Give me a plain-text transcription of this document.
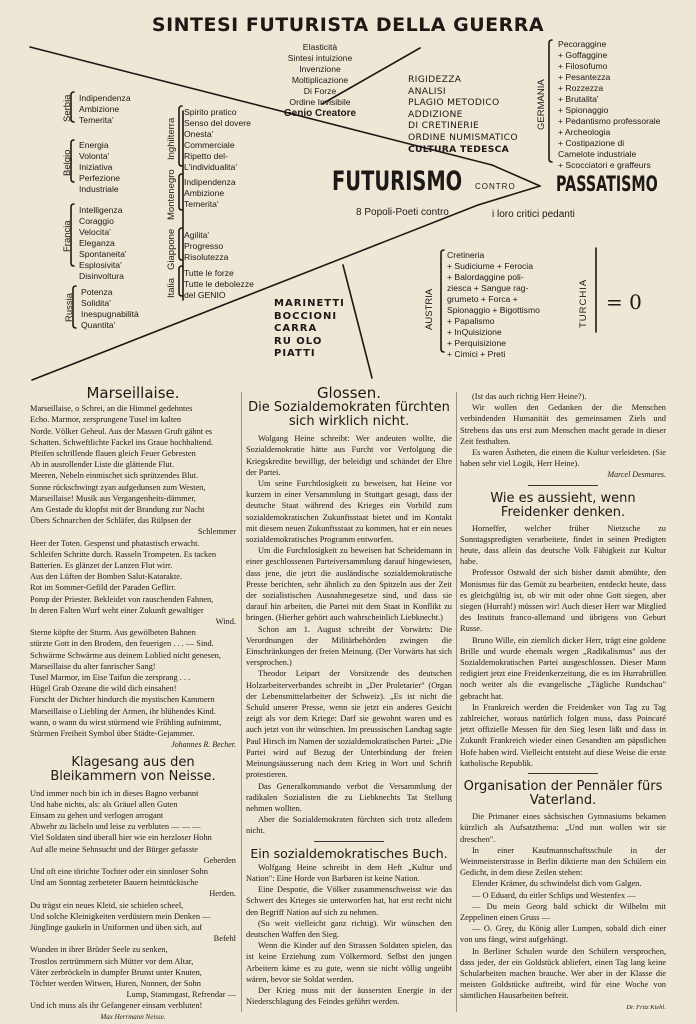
SINTESI FUTURISTA DELLA GUERRA
Elasticità
Sintesi intuizione
Invenzione
Moltiplicazione
Di Forze
Ordine Invisibile
Genio Creatore
RIGIDEZZA
ANALISI
PLAGIO METODICO
ADDIZIONE
DI CRETINERIE
ORDINE NUMISMATICO
CULTURA TEDESCA
GERMANIA
Pecoraggine
+ Goffaggine
+ Filosofumo
+ Pesantezza
+ Rozzezza
+ Brutalita'
+ Spionaggio
+ Pedantismo professorale
+ Archeologia
+ Costipazione di
Camelote industriale
+ Scocciatori e graffeurs
Serbia Indipendenza
Ambizione
Temerita'
Belgio
Energia
Volonta'
Iniziativa
Perfezione
Industriale
Francia
Intelligenza
Coraggio
Velocita'
Eleganza
Spontaneita'
Esplosivita'
Disinvoltura
Russia
Potenza
Solidita'
Inespugnabilità
Quantita'
Inghilterra
Spirito pratico
Senso del dovere
Onesta'
Commerciale
Ripetto del-
L'individualita'
Montenegro Indipendenza
Ambizione
Temerita'
Giappone Agilita'
Progresso
Risolutezza
Italia
Tutte le forze
Tutte le debolezze
del GENIO
FUTURISMO CONTRO PASSATISMO
8 Popoli-Poeti contro	i loro critici pedanti
MARINETTI
BOCCIONI
CARRA
RU OLO
PIATTI
AUSTRIA
Cretineria
+ Sudiciume + Ferocia
+ Balordaggine poli-
ziesca + Sangue rag-
grumeto + Forca +
Spionaggio + Bigottismo
+ Papalismo
+ InQuisizione
+ Perquisizione
+ Cimici + Preti
TURCHIA = 0
Marseillaise.
Marseillaise, o Schrei, an die Himmel gedehntes
Echo. Marmor, zersprungene Tusel im kalten
Norde. Völker Geheul. Aus der Massen Gruft gähnt es
Schatten. Schweftlichte Fackel ins Graue hochhaltend.
Pfeifen schrillende flauen gleich Feuer Gebresten
Ab in ausrollender Liste die glättende Flut.
Meeren, Nebeln einmischet sich sprützendes Blut.
Sonne rückschwingt zyan aufgedunsen zum Westen,
Marseillaise! Musik aus Vergangenheits-dämmer,
Ans Gestade du klopfst mit der Brandung zur Nacht
Übers Schnarchen der Schläfer, das Rülpsen der
Schlemmer
Heer der Toten. Gespenst und phatastisch erwacht.
Schleifen Schritte durch. Rasseln Trompeten. Es tacken
Batterien. Es glänzet der Lanzen Flut wirr.
Aus den Lüften der Bomben Salut-Katarakte.
Rot im Sommer-Gefild der Paraden Geflirr.
Pomp der Priester. Bekleidet von rauschenden Fahnen,
In deren Falten Wurf weht einer Zukunft gewaltiger
Wind.
Sterne köpfte der Sturm. Aus gewölbeten Bahnen
stürzte Gott in den Brodem, den feuerigen . . . — Sind.
Schwärme Schwärme aus deinem Loblied nicht genesen,
Marseillaise du alter fanrischer Sang!
Tusel Marmor, im Eise Taifun die zersprang . . .
Hügel Grab Ozeane die wild dich einsahen!
Forscht der Dichter hindurch die mystischen Kammern
Marseillaise o Liebling der Armen, ihr blühendes Kind.
wann, o wann du wirst stürmend wie Frühling aufnimmt,
Stürmen Freiheit Symbol über Städte-Gejammer.
Johannes R. Becher.
Klagesang aus den Bleikammern von Neisse.
Und immer noch bin ich in dieses Bagno verbannt
Und habe nichts, als: als Gräuel allen Guten
Einsam zu gehen und verlogen arrogant
Abwehr zu lächeln und leise zu verbluten — — —
Viel Soldaten sind überall hier wie ein herzloser Hohn
Auf alle meine Sehnsucht und der Bürger gefasste
Geberden
Und oft eine törichte Tochter oder ein sinnloser Sohn
Und am Sonntag zerbeteter Bauern heimtückische
Herden.
Du trägst ein neues Kleid, sie schielen scheel,
Und solche Kleinigkeiten verdüstern mein Denken —
Jünglinge gaukeln in Uniformen und üben sich, auf
Befehl
Wunden in ihrer Brüder Seele zu senken,
Trostlos zertrümmern sich Mütter vor dem Altar,
Väter zerbröckeln in dumpfer Brunst unter Knuten,
Töchter werden Witwen, Huren, Nonnen, der Sohn
Lump, Stammgast, Refrendar —
Und ich muss als ihr Gefangener einsam verbluten!
Max Herrmann Neisse.
Glossen.
Die Sozialdemokraten fürchten sich wirklich nicht.
Wolgang Heine schreibt: Wer andeuten wollte, die Sozialdemokratie hätte aus Furcht vor Verfolgung die Kriegskredite bewilligt, der beleidigt und schändet der Ehre der Partei.
Um seine Furchtlosigkeit zu beweisen, hat Heine vor kurzem in einer Versammlung in Stuttgart gesagt, dass der deutsche Staat während des Krieges ein Vorbild zum sozialdemokratischen Zukunftsstaat bietet und im Kontakt mit diesem neuen Zukunftsstaat zu kommen, hat er ein neues sozialdemokratisches Programm entworfen.
Um die Furchtlosigkeit zu beweisen hat Scheidemann in einer geschlossenen Parteiversammlung darauf hingewiesen, dass jene, die jetzt die ausländische sozialdemokratische Presse berichten, sehr ähnlich zu den Spitzeln aus der Zeit der sozialistischen Ausnahmegesetze sind, und dass sie darauf hin arbeiten, die Partei mit dem Staat in Konflikt zu bringen. (Hierher gehört auch wahrscheinlich Liebknecht.)
Schon am 1. August schreibt der Vorwärts: Die Verordnungen der Militärbehörden zwingen die Einschränkungen der freien Meinung. (Der Vorwärts hat sich versprochen.)
Theodor Leipart der Vorsitzende des deutschen Holzarbeiterverbandes schreibt in „Der Proletarier" (Organ der Lebensmittelarbeiter der Schweiz). „Es ist nicht die Schuld unserer Presse, wenn sie jetzt ein anderes Gesicht zeigt als vor dem Kriege: Darf sie gewohnt waren und es auch jetzt von ihr wünschten. Im preussischen Landtag sagte Paul Hirsch im Namen der sozialdemokratischen Partei: „Die Partei wird auf Bezug der Unterbindung der freien Meinungsäusserung nach dem Krieg in Wort und Schrift protestieren.
Das Generalkommando verbot die Versammlung der radikalen Sozialisten die zu Liebknechts Tat Stellung nehmen wollten.
Aber die Sozialdemokraten fürchten sich trotz alledem nicht.
Ein sozialdemokratisches Buch.
Wolfgang Heine schreibt in dem Heft „Kultur und Nation": Eine Horde von Barbaren ist keine Nation.
Eine Despotie, die Völker zusammenschweisst wie das Schwert des Krieges sie unterworfen hat, hat erst recht nicht den Begriff Nation auf sich zu nehmen.
(So weit vielleicht ganz richtig). Wir wünschen den deutschen Waffen den Sieg.
Wenn die Kinder auf den Strassen Soldaten spielen, das ist keine Erziehung zum Völkermord. Selbst den jungen Arbeitern käme es zu gute, wenn sie nicht völlig ungeübt wären, bevor sie Soldat werden.
Der Krieg muss mit der äussersten Energie in der Niederschlagung des Feindes geführt werden.
(Ist das auch richtig Herr Heine?).
Wir wollen den Gedanken der die Menschen verbindenden Humanität des gemeinsamen Ziels und Strebens das uns erst zum Menschen macht gerade in dieser Zeit festhalten.
Es waren Ästheten, die einem die Kultur verleideten. (Sie haben sehr viel Logik, Herr Heine).
Marcel Desmares.
Wie es aussieht, wenn Freidenker denken.
Horneffer, welcher früher Nietzsche zu Sonntagspredigten verarbeitete, findet in seinen Predigten heute, dass allein das deutsche Volk Fähigkeit zur Kultur habe.
Professor Ostwald der sich bisher damit abmühte, den Monismus für das Gemüt zu bearbeiten, entdeckt heute, dass es gleichgültig ist, ob wir mit oder ohne Gott siegen, aber siegen (Hurrah!) müssen wir! Auch dieser Herr war Mitglied des Instituts franco-allemand und übrigens von Geburt Russe.
Bruno Wille, ein ziemlich dicker Herr, trägt eine goldene Brille und wurde ehemals wegen „Radikalismus" aus der Sozialdemokratischen Partei ausgeschlossen. Dieser Mann redigiert jetzt eine Freidenkerzeitung, die es im Hurrabrüllen noch weiter als die evangelische „Tägliche Rundschau" gebracht hat.
In Frankreich werden die Freidenker von Tag zu Tag zahlreicher, woraus natürlich folgen muss, dass Poincaré jetzt offizielle Messen für den Sieg lesen läßt und dass in Zukunft Frankreich wieder einen Gesandten am päpstlichen Hofe haben wird. Vielleicht entsteht auf diese Weise die erste katholische Republik.
Organisation der Pennäler fürs Vaterland.
Die Primaner eines sächsischen Gymnasiums bekamen kürzlich als Aufsatzthema: „Und nun wollen wir sie dreschen".
In einer Kaufmannschaftsschule in der Weinmeisterstrasse in Berlin diktierte man den Schülern ein Gedicht, in dem diese Zeilen stehen:
Elender Krämer, du schwindelst dich vom Galgen.
— O Eduard, du eitler Schlips und Westenfex —
— Du mein Georg bald schickt dir Wilhelm mit Zeppelinen einen Gruss —
— O. Grey, du König aller Lumpen, sobald dich einer von uns fängt, wirst aufgehängt.
In Berliner Schulen wurde den Schülern versprochen, dass jeder, der ein Goldstück abliefert, einen Tag lang keine Schularbeiten machen brauche. Wer aber in der Klasse die meisten Goldstücke auftreibt, wird für eine Woche von sämtlichen Hausarbeiten befreit.
Dr. Fritz Kiehl.
